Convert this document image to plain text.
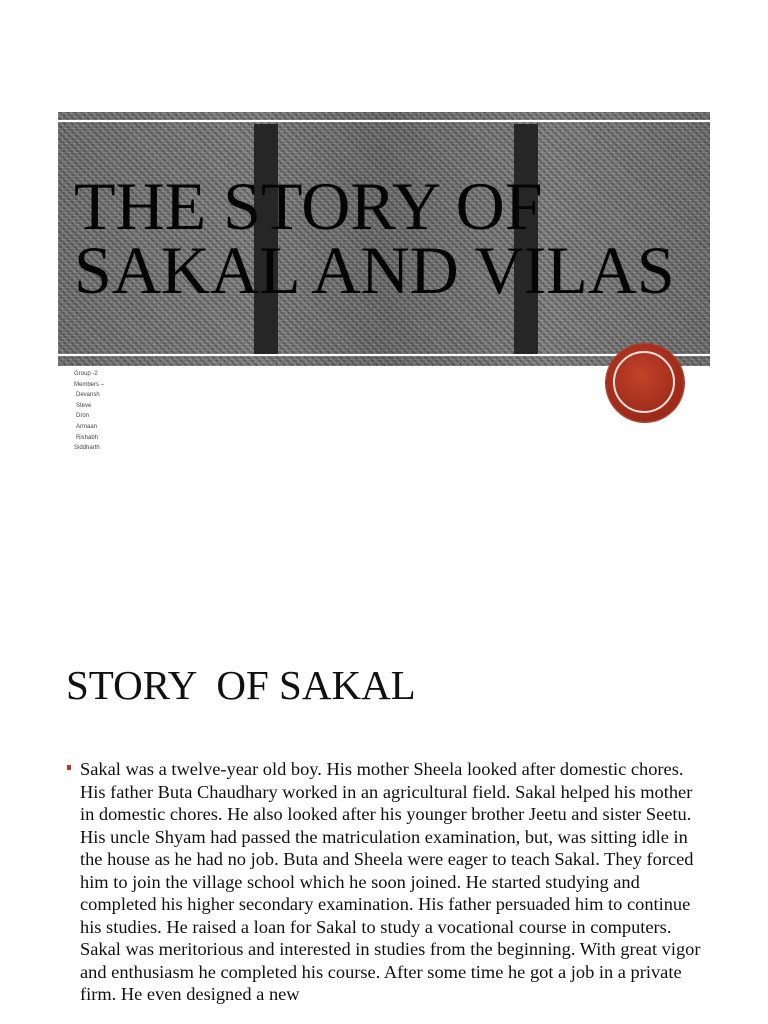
THE STORY OF
SAKAL AND VILAS
Group -2
Members –
Devansh
Steve
Dron
Armaan
Rishabh
Siddharth
STORY  OF SAKAL
Sakal was a twelve-year old boy. His mother Sheela looked after domestic chores. His father Buta Chaudhary worked in an agricultural field. Sakal helped his mother in domestic chores. He also looked after his younger brother Jeetu and sister Seetu. His uncle Shyam had passed the matriculation examination, but, was sitting idle in the house as he had no job. Buta and Sheela were eager to teach Sakal. They forced him to join the village school which he soon joined. He started studying and completed his higher secondary examination. His father persuaded him to continue his studies. He raised a loan for Sakal to study a vocational course in computers. Sakal was meritorious and interested in studies from the beginning. With great vigor and enthusiasm he completed his course. After some time he got a job in a private firm. He even designed a new
